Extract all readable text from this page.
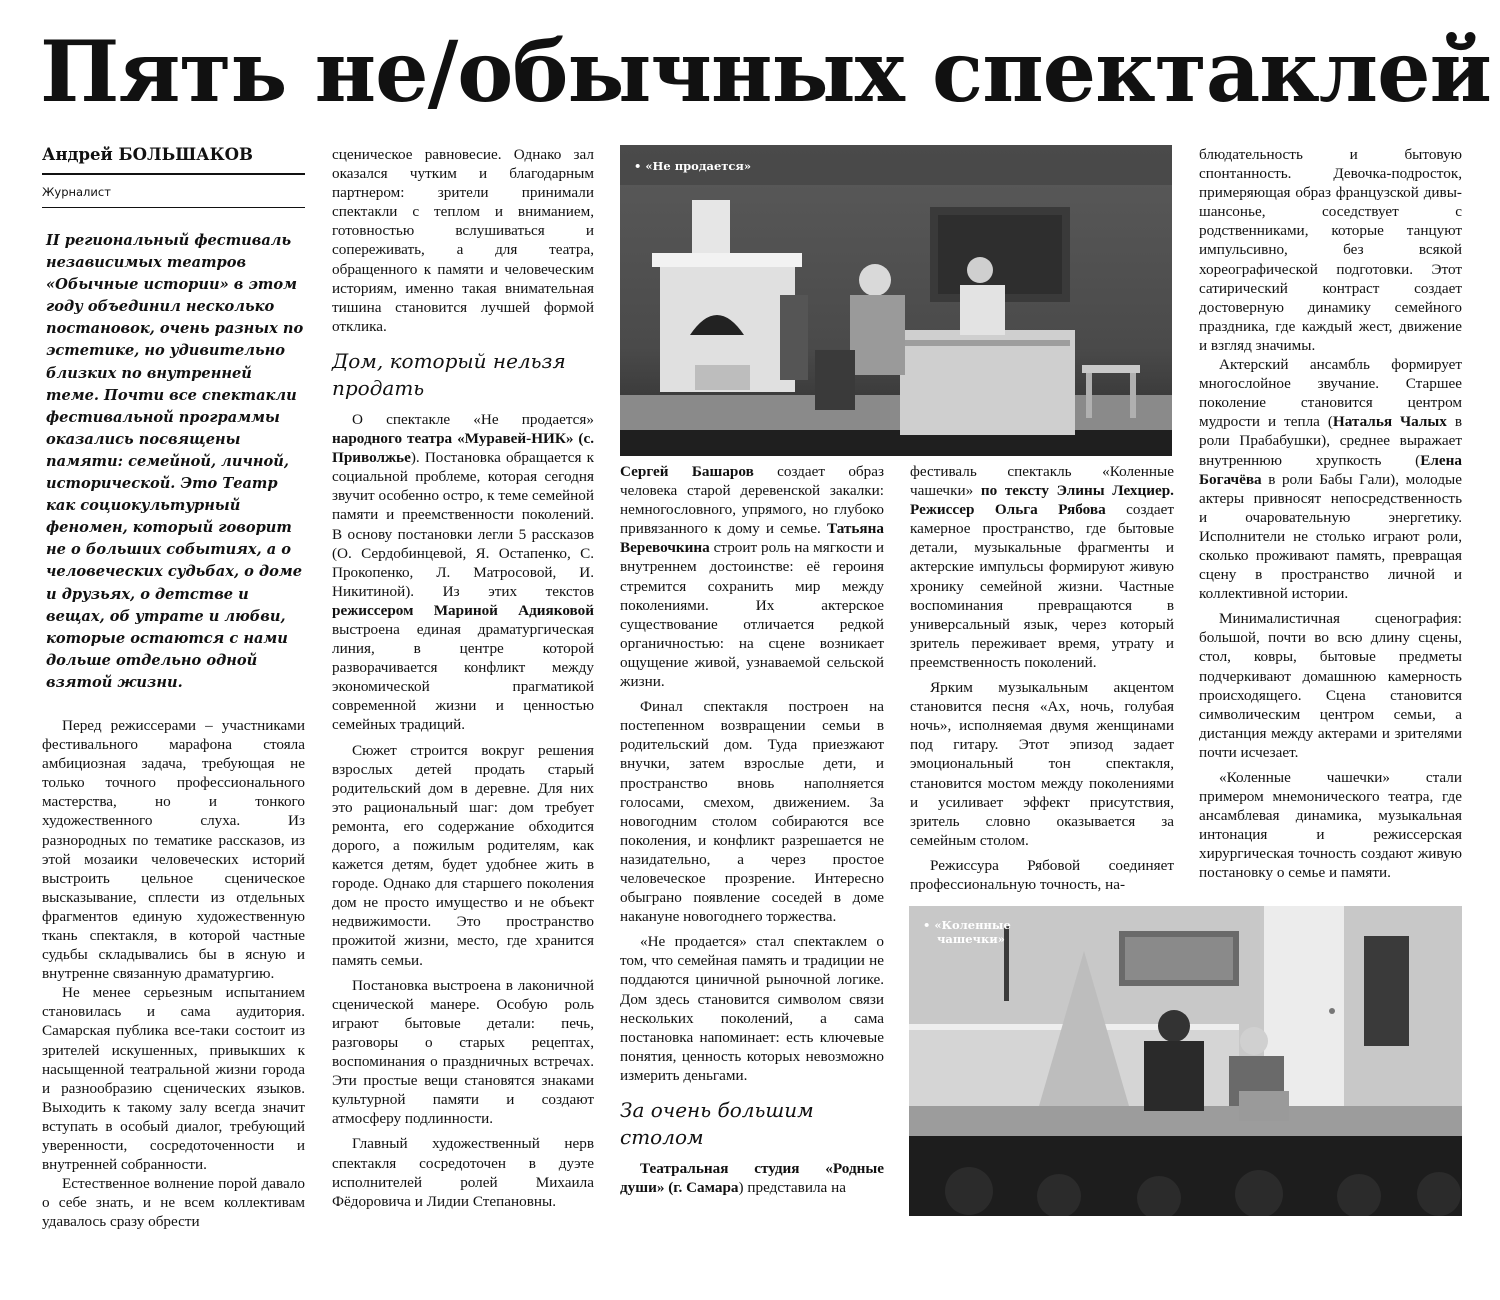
Пять не/обычных спектаклей
Андрей БОЛЬШАКОВ
Журналист
II региональный фестиваль независимых театров «Обычные истории» в этом году объединил несколько постановок, очень разных по эстетике, но удивительно близких по внутренней теме. Почти все спектакли фестивальной программы оказались посвящены памяти: семейной, личной, исторической. Это Театр как социокультурный феномен, который говорит не о больших событиях, а о человеческих судьбах, о доме и друзьях, о детстве и вещах, об утрате и любви, которые остаются с нами дольше отдельно одной взятой жизни.

Перед режиссерами – участниками фестивального марафона стояла амбициозная задача, требующая не только точного профессионального мастерства, но и тонкого художественного слуха. Из разнородных по тематике рассказов, из этой мозаики человеческих историй выстроить цельное сценическое высказывание, сплести из отдельных фрагментов единую художественную ткань спектакля, в которой частные судьбы складывались бы в ясную и внутренне связанную драматургию.

Не менее серьезным испытанием становилась и сама аудитория. Самарская публика все-таки состоит из зрителей искушенных, привыкших к насыщенной театральной жизни города и разнообразию сценических языков. Выходить к такому залу всегда значит вступать в особый диалог, требующий уверенности, сосредоточенности и внутренней собранности.

Естественное волнение порой давало о себе знать, и не всем коллективам удавалось сразу обрести

сценическое равновесие. Однако зал оказался чутким и благодарным партнером: зрители принимали спектакли с теплом и вниманием, готовностью вслушиваться и сопереживать, а для театра, обращенного к памяти и человеческим историям, именно такая внимательная тишина становится лучшей формой отклика.

Дом, который нельзя продать

О спектакле «Не продается» народного театра «Муравей-НИК» (с. Приволжье). Постановка обращается к социальной проблеме, которая сегодня звучит особенно остро, к теме семейной памяти и преемственности поколений. В основу постановки легли 5 рассказов (О. Сердобинцевой, Я. Остапенко, С. Прокопенко, Л. Матросовой, И. Никитиной). Из этих текстов режиссером Мариной Адияковой выстроена единая драматургическая линия, в центре которой разворачивается конфликт между экономической прагматикой современной жизни и ценностью семейных традиций.

Сюжет строится вокруг решения взрослых детей продать старый родительский дом в деревне. Для них это рациональный шаг: дом требует ремонта, его содержание обходится дорого, а пожилым родителям, как кажется детям, будет удобнее жить в городе. Однако для старшего поколения дом не просто имущество и не объект недвижимости. Это пространство прожитой жизни, место, где хранится память семьи.

Постановка выстроена в лаконичной сценической манере. Особую роль играют бытовые детали: печь, разговоры о старых рецептах, воспоминания о праздничных встречах. Эти простые вещи становятся знаками культурной памяти и создают атмосферу подлинности.

Главный художественный нерв спектакля сосредоточен в дуэте исполнителей ролей Михаила Фёдоровича и Лидии Степановны.

• «Не продается»

Сергей Башаров создает образ человека старой деревенской закалки: немногословного, упрямого, но глубоко привязанного к дому и семье. Татьяна Веревочкина строит роль на мягкости и внутреннем достоинстве: её героиня стремится сохранить мир между поколениями. Их актерское существование отличается редкой органичностью: на сцене возникает ощущение живой, узнаваемой сельской жизни.

Финал спектакля построен на постепенном возвращении семьи в родительский дом. Туда приезжают внучки, затем взрослые дети, и пространство вновь наполняется голосами, смехом, движением. За новогодним столом собираются все поколения, и конфликт разрешается не назидательно, а через простое человеческое прозрение. Интересно обыграно появление соседей в доме накануне новогоднего торжества.

«Не продается» стал спектаклем о том, что семейная память и традиции не поддаются циничной рыночной логике. Дом здесь становится символом связи нескольких поколений, а сама постановка напоминает: есть ключевые понятия, ценность которых невозможно измерить деньгами.

За очень большим столом

Театральная студия «Родные души» (г. Самара) представила на

фестиваль спектакль «Коленные чашечки» по тексту Элины Лехциер. Режиссер Ольга Рябова создает камерное пространство, где бытовые детали, музыкальные фрагменты и актерские импульсы формируют живую хронику семейной жизни. Частные воспоминания превращаются в универсальный язык, через который зритель переживает время, утрату и преемственность поколений.

Ярким музыкальным акцентом становится песня «Ах, ночь, голубая ночь», исполняемая двумя женщинами под гитару. Этот эпизод задает эмоциональный тон спектакля, становится мостом между поколениями и усиливает эффект присутствия, зритель словно оказывается за семейным столом.

Режиссура Рябовой соединяет профессиональную точность, на-

• «Коленные
чашечки»

блюдательность и бытовую спонтанность. Девочка-подросток, примеряющая образ французской дивы-шансонье, соседствует с родственниками, которые танцуют импульсивно, без всякой хореографической подготовки. Этот сатирический контраст создает достоверную динамику семейного праздника, где каждый жест, движение и взгляд значимы.

Актерский ансамбль формирует многослойное звучание. Старшее поколение становится центром мудрости и тепла (Наталья Чалых в роли Прабабушки), среднее выражает внутреннюю хрупкость (Елена Богачёва в роли Бабы Гали), молодые актеры привносят непосредственность и очаровательную энергетику. Исполнители не столько играют роли, сколько проживают память, превращая сцену в пространство личной и коллективной истории.

Минималистичная сценография: большой, почти во всю длину сцены, стол, ковры, бытовые предметы подчеркивают домашнюю камерность происходящего. Сцена становится символическим центром семьи, а дистанция между актерами и зрителями почти исчезает.

«Коленные чашечки» стали примером мнемонического театра, где ансамблевая динамика, музыкальная интонация и режиссерская хирургическая точность создают живую постановку о семье и памяти.
